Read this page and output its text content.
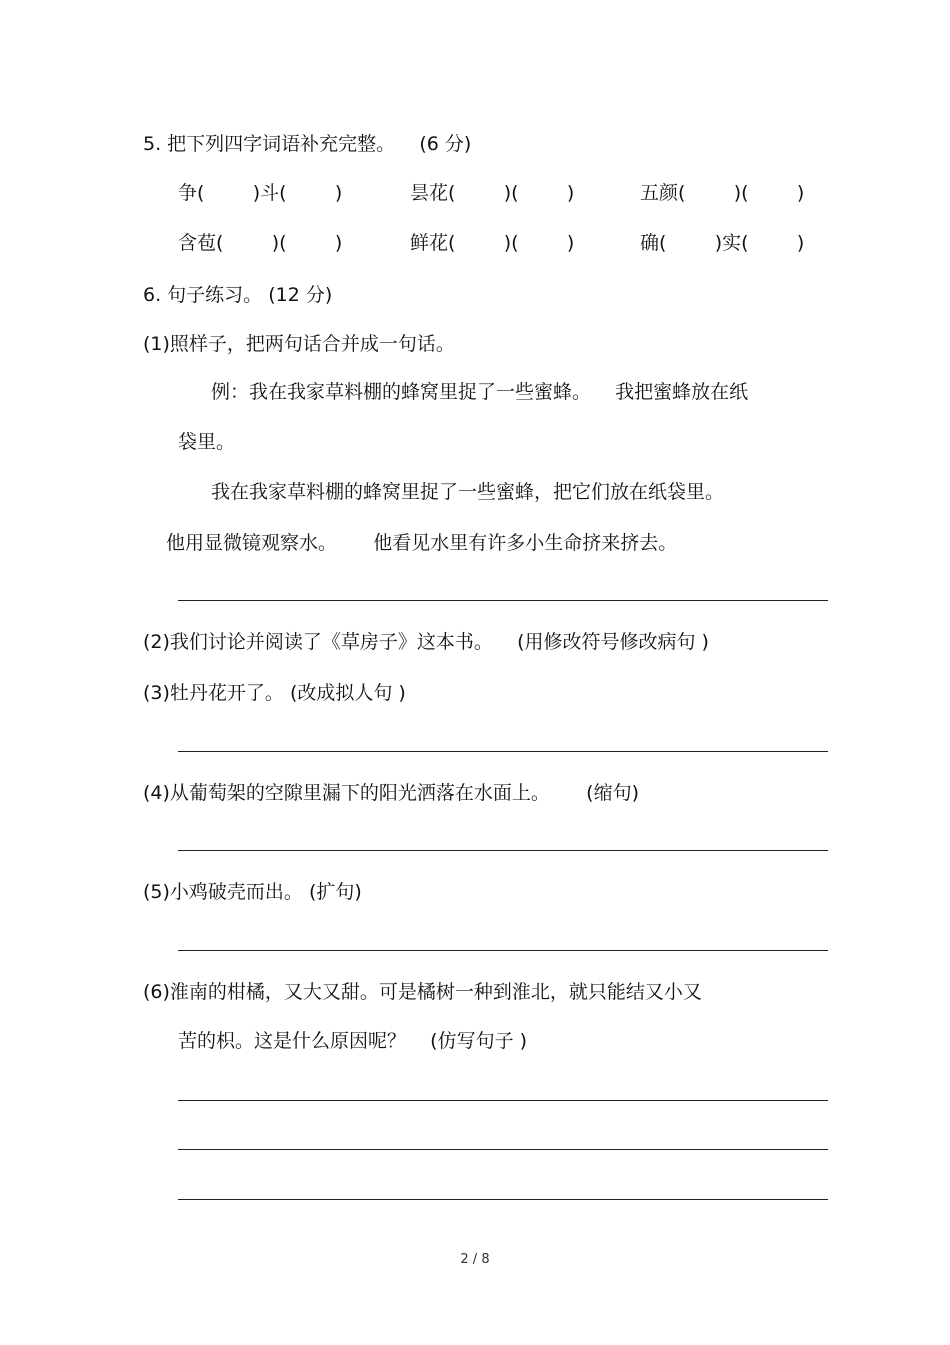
5. 把下列四字词语补充完整。    (6 分)
争(        )斗(        )	昙花(        )(        )	五颜(        )(        )
含苞(        )(        )	鲜花(        )(        )	确(        )实(        )
6. 句子练习。 (12 分)
(1)照样子，把两句话合并成一句话。
例：我在我家草料棚的蜂窝里捉了一些蜜蜂。    我把蜜蜂放在纸
袋里。
我在我家草料棚的蜂窝里捉了一些蜜蜂，把它们放在纸袋里。
他用显微镜观察水。      他看见水里有许多小生命挤来挤去。
(2)我们讨论并阅读了《草房子》这本书。    (用修改符号修改病句 )
(3)牡丹花开了。 (改成拟人句 )
(4)从葡萄架的空隙里漏下的阳光洒落在水面上。      (缩句)
(5)小鸡破壳而出。 (扩句)
(6)淮南的柑橘，又大又甜。可是橘树一种到淮北，就只能结又小又
苦的枳。这是什么原因呢？    (仿写句子 )
2 / 8
